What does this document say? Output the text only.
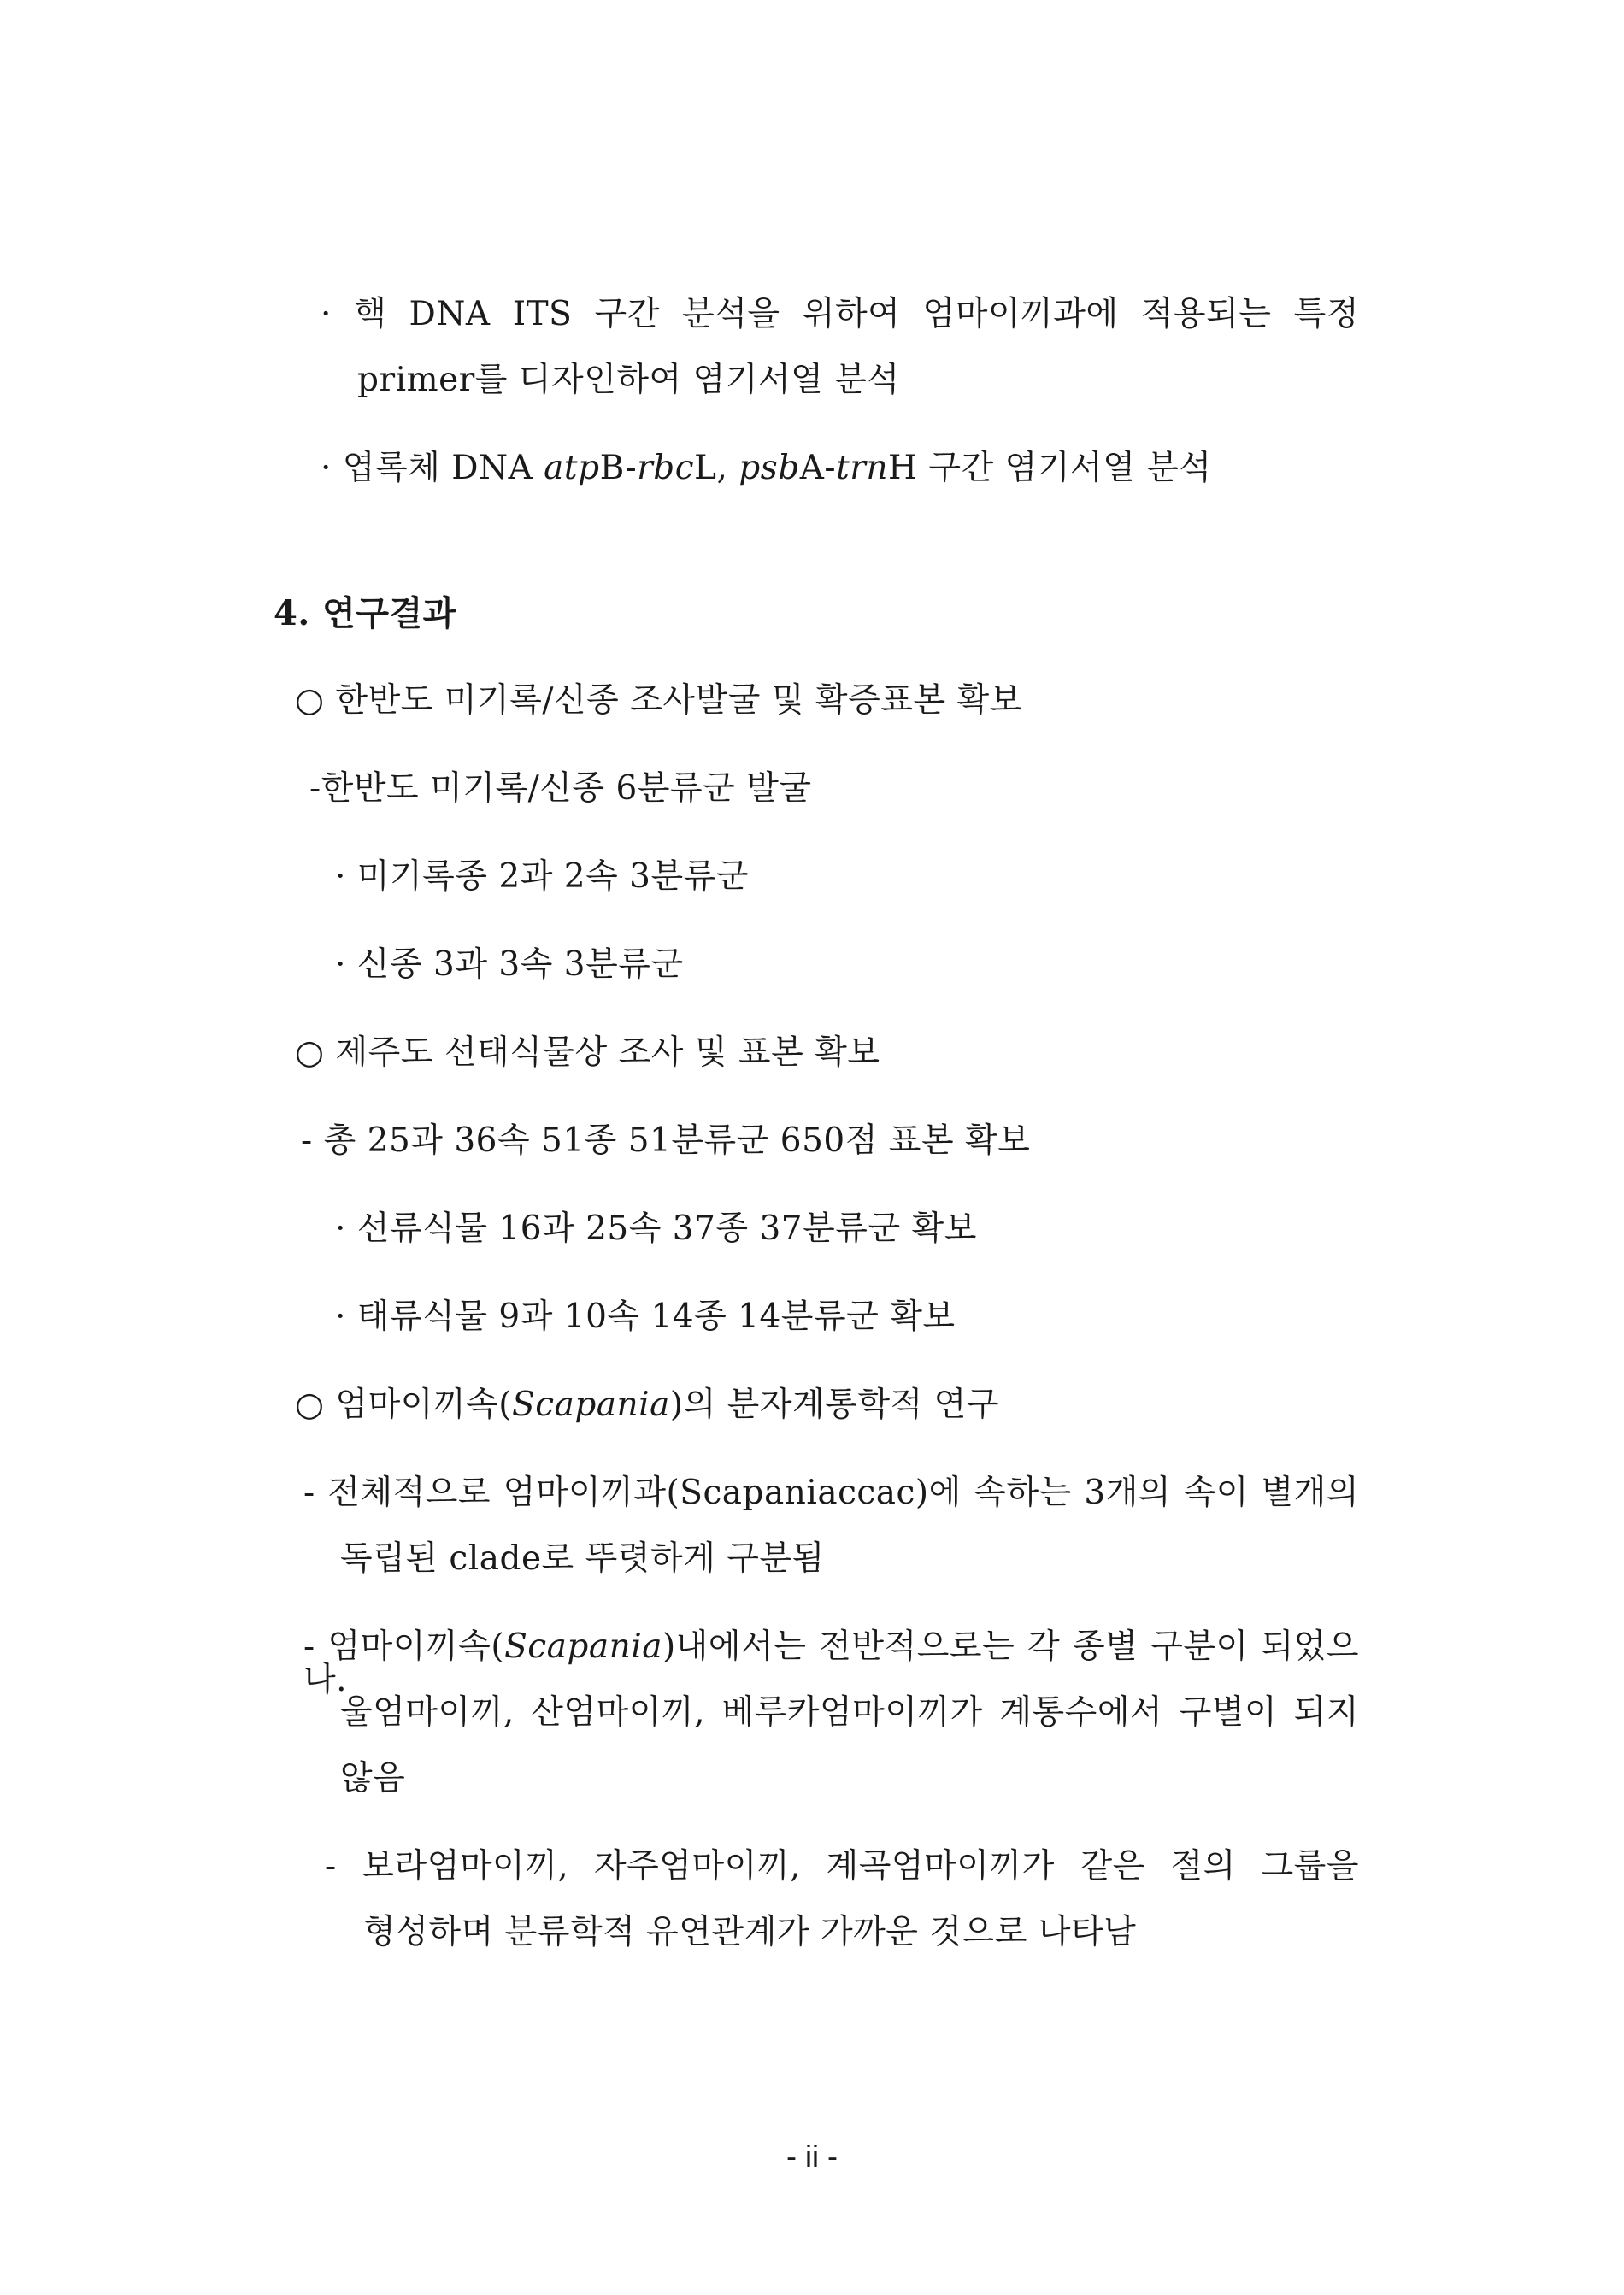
· 핵 DNA ITS 구간 분석을 위하여 엄마이끼과에 적용되는 특정
primer를 디자인하여 염기서열 분석
· 엽록체 DNA atpB-rbcL, psbA-trnH 구간 염기서열 분석
4. 연구결과
○ 한반도 미기록/신종 조사발굴 및 확증표본 확보
-한반도 미기록/신종 6분류군 발굴
· 미기록종 2과 2속 3분류군
· 신종 3과 3속 3분류군
○ 제주도 선태식물상 조사 및 표본 확보
- 총 25과 36속 51종 51분류군 650점 표본 확보
· 선류식물 16과 25속 37종 37분류군 확보
· 태류식물 9과 10속 14종 14분류군 확보
○ 엄마이끼속(Scapania)의 분자계통학적 연구
- 전체적으로 엄마이끼과(Scapaniaccac)에 속하는 3개의 속이 별개의
독립된 clade로 뚜렷하게 구분됨
- 엄마이끼속(Scapania)내에서는 전반적으로는 각 종별 구분이 되었으나.
울엄마이끼, 산엄마이끼, 베루카엄마이끼가 계통수에서 구별이 되지
않음
- 보라엄마이끼, 자주엄마이끼, 계곡엄마이끼가 같은 절의 그룹을
형성하며 분류학적 유연관계가 가까운 것으로 나타남
- ii -
